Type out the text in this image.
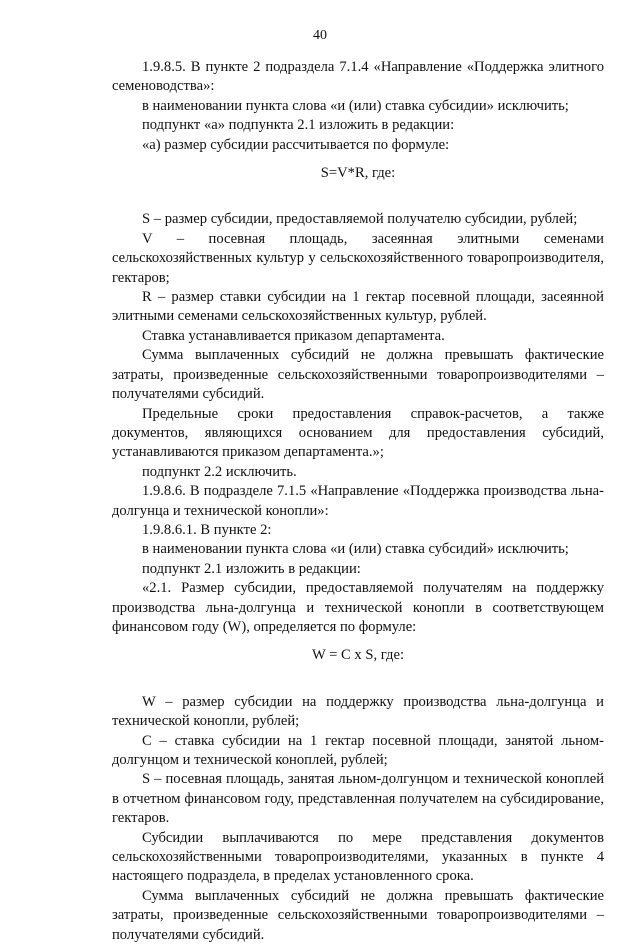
40

1.9.8.5. В пункте 2 подраздела 7.1.4 «Направление «Поддержка элитного семеноводства»:

в наименовании пункта слова «и (или) ставка субсидии» исключить;

подпункт «а» подпункта 2.1 изложить в редакции:

«а) размер субсидии рассчитывается по формуле:

S=V*R, где:

S – размер субсидии, предоставляемой получателю субсидии, рублей;

V – посевная площадь, засеянная элитными семенами сельскохозяйственных культур у сельскохозяйственного товаропроизводителя, гектаров;

R – размер ставки субсидии на 1 гектар посевной площади, засеянной элитными семенами сельскохозяйственных культур, рублей.

Ставка устанавливается приказом департамента.

Сумма выплаченных субсидий не должна превышать фактические затраты, произведенные сельскохозяйственными товаропроизводителями – получателями субсидий.

Предельные сроки предоставления справок-расчетов, а также документов, являющихся основанием для предоставления субсидий, устанавливаются приказом департамента.»;

подпункт 2.2 исключить.

1.9.8.6. В подразделе 7.1.5 «Направление «Поддержка производства льна-долгунца и технической конопли»:

1.9.8.6.1. В пункте 2:

в наименовании пункта слова «и (или) ставка субсидий» исключить;

подпункт 2.1 изложить в редакции:

«2.1. Размер субсидии, предоставляемой получателям на поддержку производства льна-долгунца и технической конопли в соответствующем финансовом году (W), определяется по формуле:

W = C x S, где:

W – размер субсидии на поддержку производства льна-долгунца и технической конопли, рублей;

C – ставка субсидии на 1 гектар посевной площади, занятой льном-долгунцом и технической коноплей, рублей;

S – посевная площадь, занятая льном-долгунцом и технической коноплей в отчетном финансовом году, представленная получателем на субсидирование, гектаров.

Субсидии выплачиваются по мере представления документов сельскохозяйственными товаропроизводителями, указанных в пункте 4 настоящего подраздела, в пределах установленного срока.

Сумма выплаченных субсидий не должна превышать фактические затраты, произведенные сельскохозяйственными товаропроизводителями – получателями субсидий.
